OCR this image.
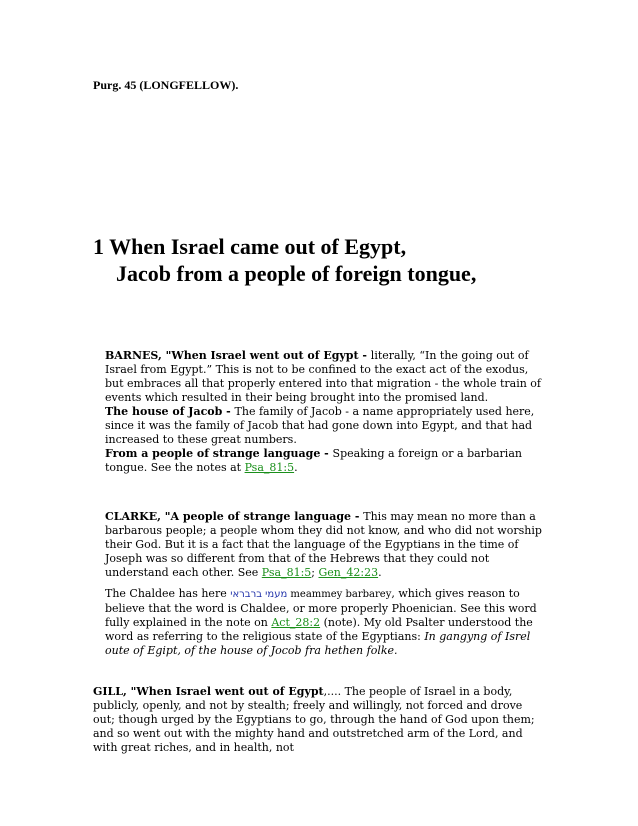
Purg. 45 (LONGFELLOW).
1 When Israel came out of Egypt,
Jacob from a people of foreign tongue,
BARNES, "When Israel went out of Egypt - literally, “In the going out of Israel from Egypt.” This is not to be confined to the exact act of the exodus, but embraces all that properly entered into that migration - the whole train of events which resulted in their being brought into the promised land.
The house of Jacob - The family of Jacob - a name appropriately used here, since it was the family of Jacob that had gone down into Egypt, and that had increased to these great numbers.
From a people of strange language - Speaking a foreign or a barbarian tongue. See the notes at Psa_81:5.
CLARKE, "A people of strange language - This may mean no more than a barbarous people; a people whom they did not know, and who did not worship their God. But it is a fact that the language of the Egyptians in the time of Joseph was so different from that of the Hebrews that they could not understand each other. See Psa_81:5; Gen_42:23.
The Chaldee has here מעמי ברבראי meammey barbarey, which gives reason to believe that the word is Chaldee, or more properly Phoenician. See this word fully explained in the note on Act_28:2 (note). My old Psalter understood the word as referring to the religious state of the Egyptians: In gangyng of Isrel oute of Egipt, of the house of Jocob fra hethen folke.
GILL, "When Israel went out of Egypt,.... The people of Israel in a body, publicly, openly, and not by stealth; freely and willingly, not forced and drove out; though urged by the Egyptians to go, through the hand of God upon them; and so went out with the mighty hand and outstretched arm of the Lord, and with great riches, and in health, not
